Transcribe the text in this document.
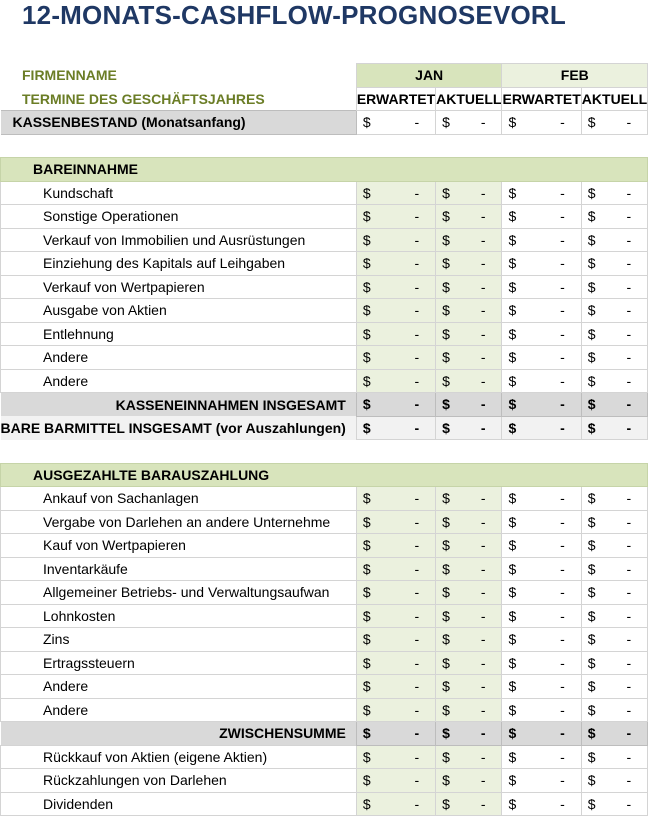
12-MONATS-CASHFLOW-PROGNOSEVORL
FIRMENNAME
TERMINE DES GESCHÄFTSJAHRES
	JAN		FEB	
	ERWARTET	AKTUELL	ERWARTET	AKTUELL
KASSENBESTAND (Monatsanfang)	$ -	$ -	$ -	$ -

BAREINNAHME				
Kundschaft	$ -	$ -	$ -	$ -

Sonstige Operationen	$ -	$ -	$ -	$ -

Verkauf von Immobilien und Ausrüstungen	$ -	$ -	$ -	$ -

Einziehung des Kapitals auf Leihgaben	$ -	$ -	$ -	$ -

Verkauf von Wertpapieren	$ -	$ -	$ -	$ -

Ausgabe von Aktien	$ -	$ -	$ -	$ -

Entlehnung	$ -	$ -	$ -	$ -

Andere	$ -	$ -	$ -	$ -

Andere	$ -	$ -	$ -	$ -

KASSENEINNAHMEN INSGESAMT	$ -	$ -	$ -	$ -

BARE BARMITTEL INSGESAMT (vor Auszahlungen)	$ -	$ -	$ -	$ -

AUSGEZAHLTE BARAUSZAHLUNG				
Ankauf von Sachanlagen	$ -	$ -	$ -	$ -

Vergabe von Darlehen an andere Unternehme	$ -	$ -	$ -	$ -

Kauf von Wertpapieren	$ -	$ -	$ -	$ -

Inventarkäufe	$ -	$ -	$ -	$ -

Allgemeiner Betriebs- und Verwaltungsaufwan	$ -	$ -	$ -	$ -

Lohnkosten	$ -	$ -	$ -	$ -

Zins	$ -	$ -	$ -	$ -

Ertragssteuern	$ -	$ -	$ -	$ -

Andere	$ -	$ -	$ -	$ -

Andere	$ -	$ -	$ -	$ -

ZWISCHENSUMME	$ -	$ -	$ -	$ -

Rückkauf von Aktien (eigene Aktien)	$ -	$ -	$ -	$ -

Rückzahlungen von Darlehen	$ -	$ -	$ -	$ -

Dividenden	$ -	$ -	$ -	$ -
